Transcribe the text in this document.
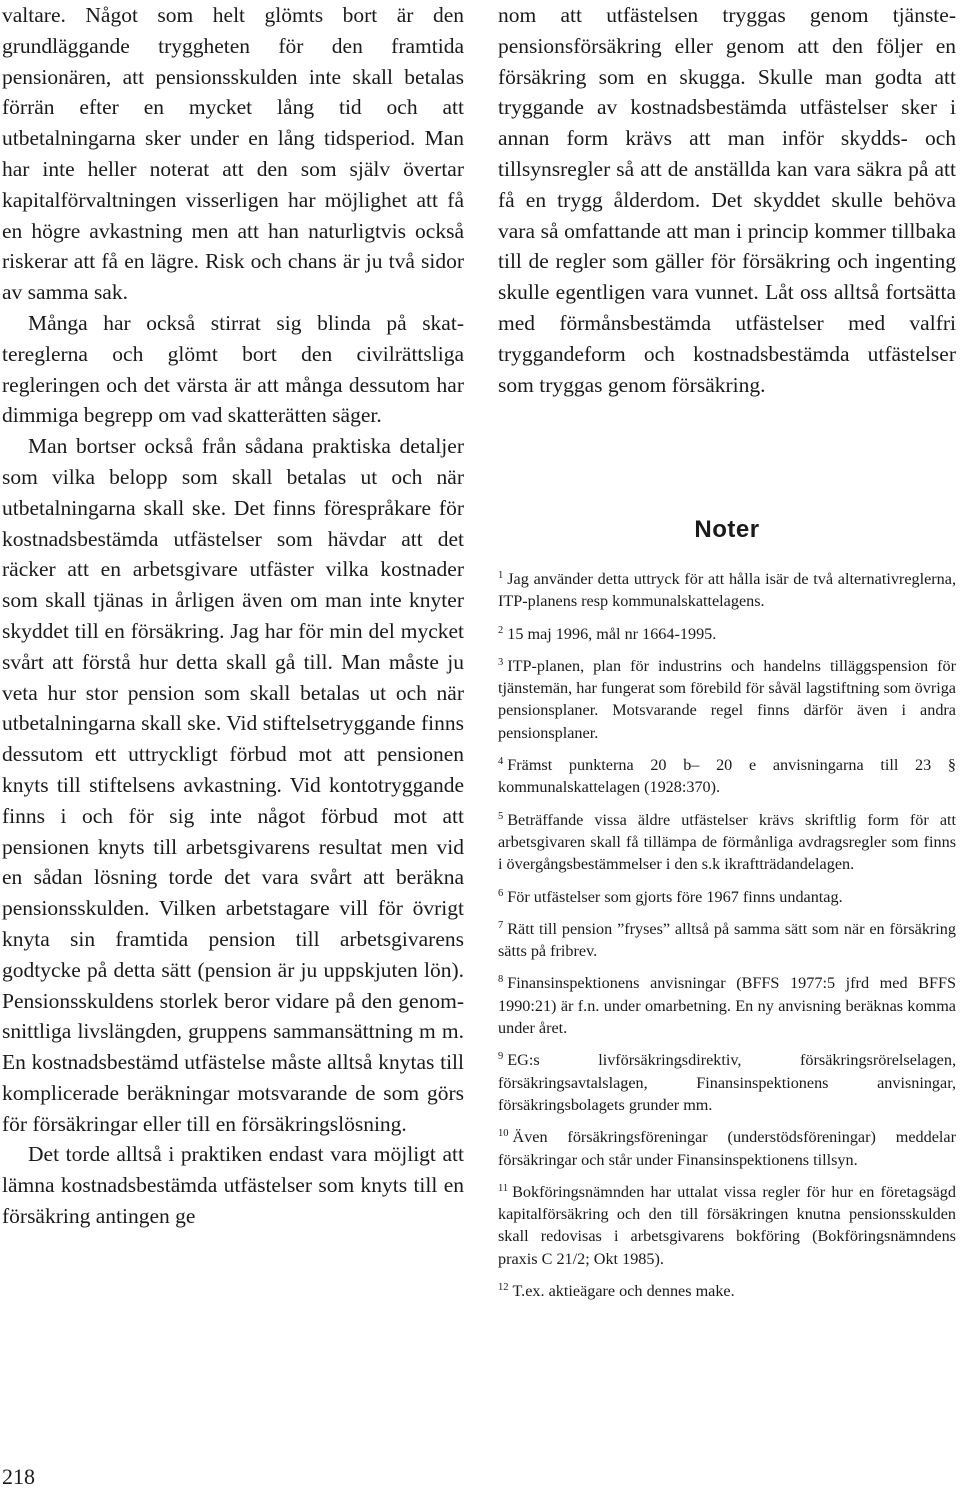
valtare. Något som helt glömts bort är den grundläggande tryggheten för den framtida pensionären, att pensionsskulden inte skall betalas förrän efter en mycket lång tid och att utbetalningarna sker under en lång tidsperiod. Man har inte heller noterat att den som själv övertar kapitalförvaltningen visserligen har möjlighet att få en högre avkastning men att han naturligtvis också riskerar att få en lägre. Risk och chans är ju två sidor av samma sak.

Många har också stirrat sig blinda på skattereglerna och glömt bort den civilrättsliga regleringen och det värsta är att många dessutom har dimmiga begrepp om vad skatterätten säger.

Man bortser också från sådana praktiska detaljer som vilka belopp som skall betalas ut och när utbetalningarna skall ske. Det finns förespråkare för kostnadsbestämda utfästelser som hävdar att det räcker att en arbetsgivare utfäster vilka kostnader som skall tjänas in årligen även om man inte knyter skyddet till en försäkring. Jag har för min del mycket svårt att förstå hur detta skall gå till. Man måste ju veta hur stor pension som skall betalas ut och när utbetalningarna skall ske. Vid stiftelsetryggande finns dessutom ett uttryckligt förbud mot att pensionen knyts till stiftelsens avkastning. Vid kontotryggande finns i och för sig inte något förbud mot att pensionen knyts till arbetsgivarens resultat men vid en sådan lösning torde det vara svårt att beräkna pensionsskulden. Vilken arbetstagare vill för övrigt knyta sin framtida pension till arbetsgivarens godtycke på detta sätt (pension är ju uppskjuten lön). Pensionsskuldens storlek beror vidare på den genomsnittliga livslängden, gruppens sammansättning m m. En kostnadsbestämd utfästelse måste alltså knytas till komplicerade beräkningar motsvarande de som görs för försäkringar eller till en försäkringslösning.

Det torde alltså i praktiken endast vara möjligt att lämna kostnadsbestämda utfästelser som knyts till en försäkring antingen ge

nom att utfästelsen tryggas genom tjänstepensionsförsäkring eller genom att den följer en försäkring som en skugga. Skulle man godta att tryggande av kostnadsbestämda utfästelser sker i annan form krävs att man inför skydds- och tillsynsregler så att de anställda kan vara säkra på att få en trygg ålderdom. Det skyddet skulle behöva vara så omfattande att man i princip kommer tillbaka till de regler som gäller för försäkring och ingenting skulle egentligen vara vunnet. Låt oss alltså fortsätta med förmånsbestämda utfästelser med valfri tryggandeform och kostnadsbestämda utfästelser som tryggas genom försäkring.

Noter

$^1$ Jag använder detta uttryck för att hålla isär de två alternativreglerna, ITP-planens resp kommunalskattelagens.

$^2$ 15 maj 1996, mål nr 1664-1995.

$^3$ ITP-planen, plan för industrins och handelns tilläggspension för tjänstemän, har fungerat som förebild för såväl lagstiftning som övriga pensionsplaner. Motsvarande regel finns därför även i andra pensionsplaner.

$^4$ Främst punkterna 20 b– 20 e anvisningarna till 23 § kommunalskattelagen (1928:370).

$^5$ Beträffande vissa äldre utfästelser krävs skriftlig form för att arbetsgivaren skall få tillämpa de förmånliga avdragsregler som finns i övergångsbestämmelser i den s.k ikraftträdandelagen.

$^6$ För utfästelser som gjorts före 1967 finns undantag.

$^7$ Rätt till pension ”fryses” alltså på samma sätt som när en försäkring sätts på fribrev.

$^8$ Finansinspektionens anvisningar (BFFS 1977:5 jfrd med BFFS 1990:21) är f.n. under omarbetning. En ny anvisning beräknas komma under året.

$^9$ EG:s livförsäkringsdirektiv, försäkringsrörelselagen, försäkringsavtalslagen, Finansinspektionens anvisningar, försäkringsbolagets grunder mm.

$^{10}$ Även försäkringsföreningar (understödsföreningar) meddelar försäkringar och står under Finansinspektionens tillsyn.

$^{11}$ Bokföringsnämnden har uttalat vissa regler för hur en företagsägd kapitalförsäkring och den till försäkringen knutna pensionsskulden skall redovisas i arbetsgivarens bokföring (Bokföringsnämndens praxis C 21/2; Okt 1985).

$^{12}$ T.ex. aktieägare och dennes make.

218
